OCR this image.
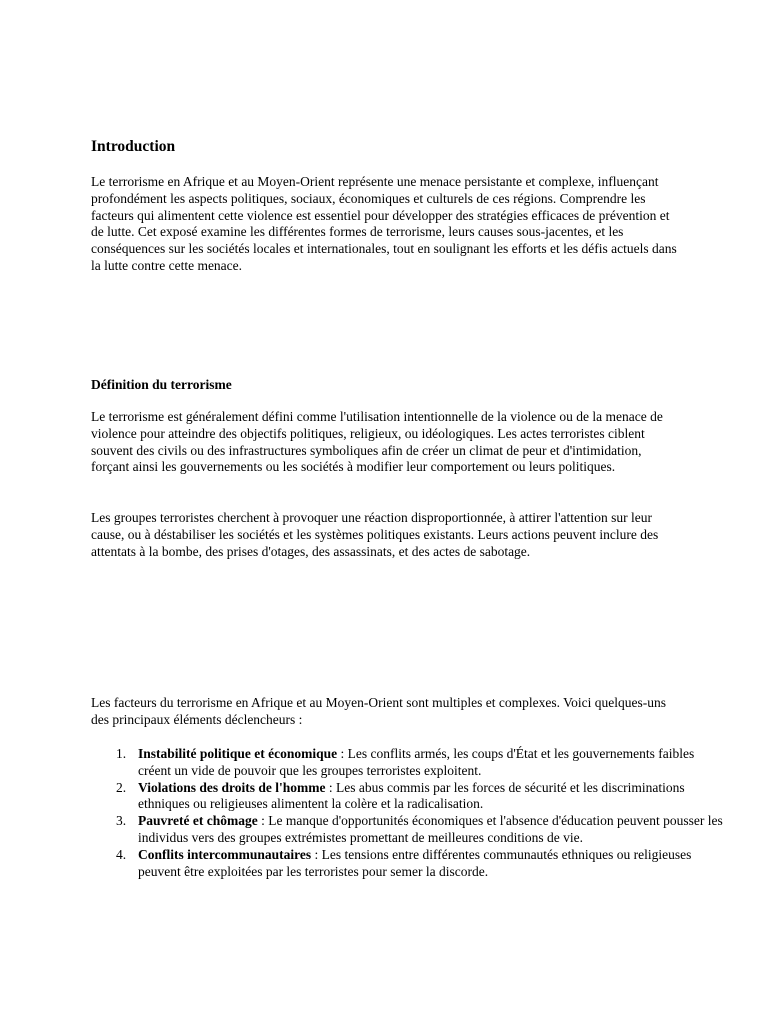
Introduction

Le terrorisme en Afrique et au Moyen-Orient représente une menace persistante et complexe, influençant profondément les aspects politiques, sociaux, économiques et culturels de ces régions. Comprendre les facteurs qui alimentent cette violence est essentiel pour développer des stratégies efficaces de prévention et de lutte. Cet exposé examine les différentes formes de terrorisme, leurs causes sous-jacentes, et les conséquences sur les sociétés locales et internationales, tout en soulignant les efforts et les défis actuels dans la lutte contre cette menace.

Définition du terrorisme

Le terrorisme est généralement défini comme l'utilisation intentionnelle de la violence ou de la menace de violence pour atteindre des objectifs politiques, religieux, ou idéologiques. Les actes terroristes ciblent souvent des civils ou des infrastructures symboliques afin de créer un climat de peur et d'intimidation, forçant ainsi les gouvernements ou les sociétés à modifier leur comportement ou leurs politiques.

Les groupes terroristes cherchent à provoquer une réaction disproportionnée, à attirer l'attention sur leur cause, ou à déstabiliser les sociétés et les systèmes politiques existants. Leurs actions peuvent inclure des attentats à la bombe, des prises d'otages, des assassinats, et des actes de sabotage.

Les facteurs du terrorisme en Afrique et au Moyen-Orient sont multiples et complexes. Voici quelques-uns des principaux éléments déclencheurs :

1. Instabilité politique et économique : Les conflits armés, les coups d'État et les gouvernements faibles créent un vide de pouvoir que les groupes terroristes exploitent.
2. Violations des droits de l'homme : Les abus commis par les forces de sécurité et les discriminations ethniques ou religieuses alimentent la colère et la radicalisation.
3. Pauvreté et chômage : Le manque d'opportunités économiques et l'absence d'éducation peuvent pousser les individus vers des groupes extrémistes promettant de meilleures conditions de vie.
4. Conflits intercommunautaires : Les tensions entre différentes communautés ethniques ou religieuses peuvent être exploitées par les terroristes pour semer la discorde.
